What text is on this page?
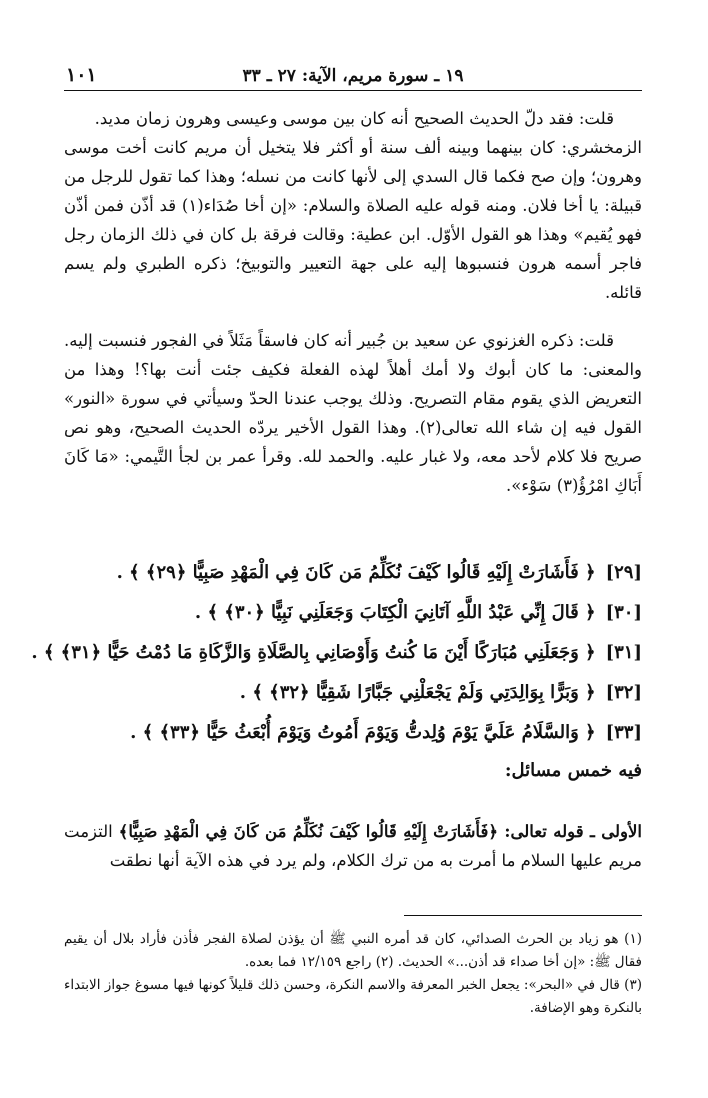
١٩ ـ سورة مريم، الآية: ٢٧ ـ ٣٣
١٠١
قلت: فقد دلّ الحديث الصحيح أنه كان بين موسى وعيسى وهرون زمان مديد.
الزمخشري: كان بينهما وبينه ألف سنة أو أكثر فلا يتخيل أن مريم كانت أخت موسى وهرون؛ وإن صح فكما قال السدي إلى لأنها كانت من نسله؛ وهذا كما تقول للرجل من قبيلة: يا أخا فلان. ومنه قوله عليه الصلاة والسلام: «إن أخا صُدَاء(١) قد أذّن فمن أذّن فهو يُقيم» وهذا هو القول الأوّل. ابن عطية: وقالت فرقة بل كان في ذلك الزمان رجل فاجر أسمه هرون فنسبوها إليه على جهة التعيير والتوبيخ؛ ذكره الطبري ولم يسم قائله.
قلت: ذكره الغزنوي عن سعيد بن جُبير أنه كان فاسقاً مَثَلاً في الفجور فنسبت إليه. والمعنى: ما كان أبوك ولا أمك أهلاً لهذه الفعلة فكيف جئت أنت بها؟! وهذا من التعريض الذي يقوم مقام التصريح. وذلك يوجب عندنا الحدّ وسيأتي في سورة «النور» القول فيه إن شاء الله تعالى(٢). وهذا القول الأخير يردّه الحديث الصحيح، وهو نص صريح فلا كلام لأحد معه، ولا غبار عليه. والحمد لله. وقرأ عمر بن لجأ التَّيمي: «مَا كَانَ أَبَاكِ امْرُؤُ(٣) سَوْء».
[٢٩]﴿ فَأَشَارَتْ إِلَيْهِ قَالُوا كَيْفَ نُكَلِّمُ مَن كَانَ فِي الْمَهْدِ صَبِيًّا ﴿٢٩﴾ ﴾ .
[٣٠]﴿ قَالَ إِنِّي عَبْدُ اللَّهِ آتَانِيَ الْكِتَابَ وَجَعَلَنِي نَبِيًّا ﴿٣٠﴾ ﴾ .
[٣١]﴿ وَجَعَلَنِي مُبَارَكًا أَيْنَ مَا كُنتُ وَأَوْصَانِي بِالصَّلَاةِ وَالزَّكَاةِ مَا دُمْتُ حَيًّا ﴿٣١﴾ ﴾ .
[٣٢]﴿ وَبَرًّا بِوَالِدَتِي وَلَمْ يَجْعَلْنِي جَبَّارًا شَقِيًّا ﴿٣٢﴾ ﴾ .
[٣٣]﴿ وَالسَّلَامُ عَلَيَّ يَوْمَ وُلِدتُّ وَيَوْمَ أَمُوتُ وَيَوْمَ أُبْعَثُ حَيًّا ﴿٣٣﴾ ﴾ .
فيه خمس مسائل:
الأولى ـ قوله تعالى: ﴿فَأَشَارَتْ إِلَيْهِ قَالُوا كَيْفَ نُكَلِّمُ مَن كَانَ فِي الْمَهْدِ صَبِيًّا﴾ التزمت مريم عليها السلام ما أمرت به من ترك الكلام، ولم يرد في هذه الآية أنها نطقت
(١) هو زياد بن الحرث الصدائي، كان قد أمره النبي ﷺ أن يؤذن لصلاة الفجر فأذن فأراد بلال أن يقيم فقال ﷺ: «إن أخا صداء قد أذن...» الحديث. (٢) راجع ١٢/١٥٩ فما بعده.
(٣) قال في «البحر»: يجعل الخبر المعرفة والاسم النكرة، وحسن ذلك قليلاً كونها فيها مسوغ جواز الابتداء بالنكرة وهو الإضافة.
